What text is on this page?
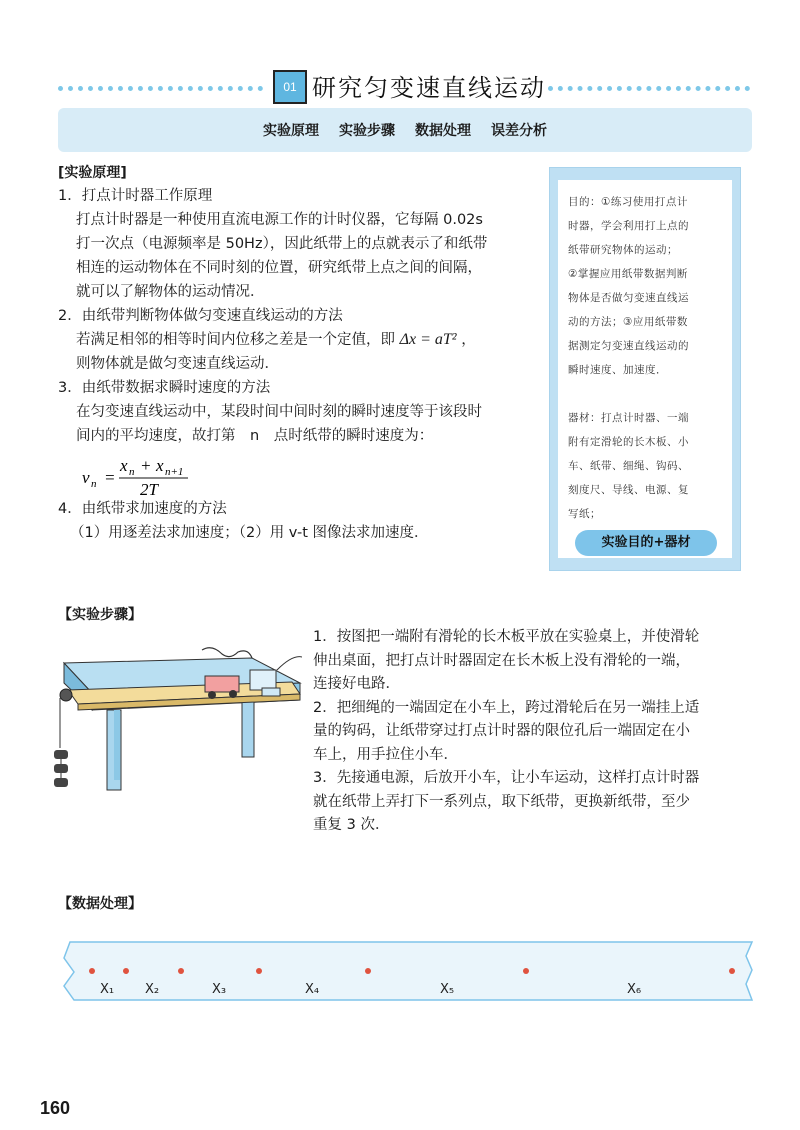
01 研究匀变速直线运动
实验原理 实验步骤 数据处理 误差分析
[实验原理]

1．打点计时器工作原理

打点计时器是一种使用直流电源工作的计时仪器，它每隔 0.02s

打一次点（电源频率是 50Hz），因此纸带上的点就表示了和纸带

相连的运动物体在不同时刻的位置，研究纸带上点之间的间隔，

就可以了解物体的运动情况．

2．由纸带判断物体做匀变速直线运动的方法

若满足相邻的相等时间内位移之差是一个定值，即 Δx = aT² ，

则物体就是做匀变速直线运动．

3．由纸带数据求瞬时速度的方法

在匀变速直线运动中，某段时间中间时刻的瞬时速度等于该段时

间内的平均速度，故打第　n　点时纸带的瞬时速度为：

v n =
x n + x n+1
2T

4．由纸带求加速度的方法

（1）用逐差法求加速度；（2）用 v-t 图像法求加速度．

目的：①练习使用打点计

时器，学会利用打上点的

纸带研究物体的运动；

②掌握应用纸带数据判断

物体是否做匀变速直线运

动的方法；③应用纸带数

据测定匀变速直线运动的

瞬时速度、加速度．

器材：打点计时器、一端

附有定滑轮的长木板、小

车、纸带、细绳、钩码、

刻度尺、导线、电源、复

写纸；

实验目的+器材
【实验步骤】

1．按图把一端附有滑轮的长木板平放在实验桌上，并使滑轮

伸出桌面，把打点计时器固定在长木板上没有滑轮的一端，

连接好电路．

2．把细绳的一端固定在小车上，跨过滑轮后在另一端挂上适

量的钩码，让纸带穿过打点计时器的限位孔后一端固定在小

车上，用手拉住小车．

3．先接通电源，后放开小车，让小车运动，这样打点计时器

就在纸带上弄打下一系列点，取下纸带，更换新纸带，至少

重复 3 次．

【数据处理】
X₁ X₂	X₃	X₄	X₅	X₆
160
